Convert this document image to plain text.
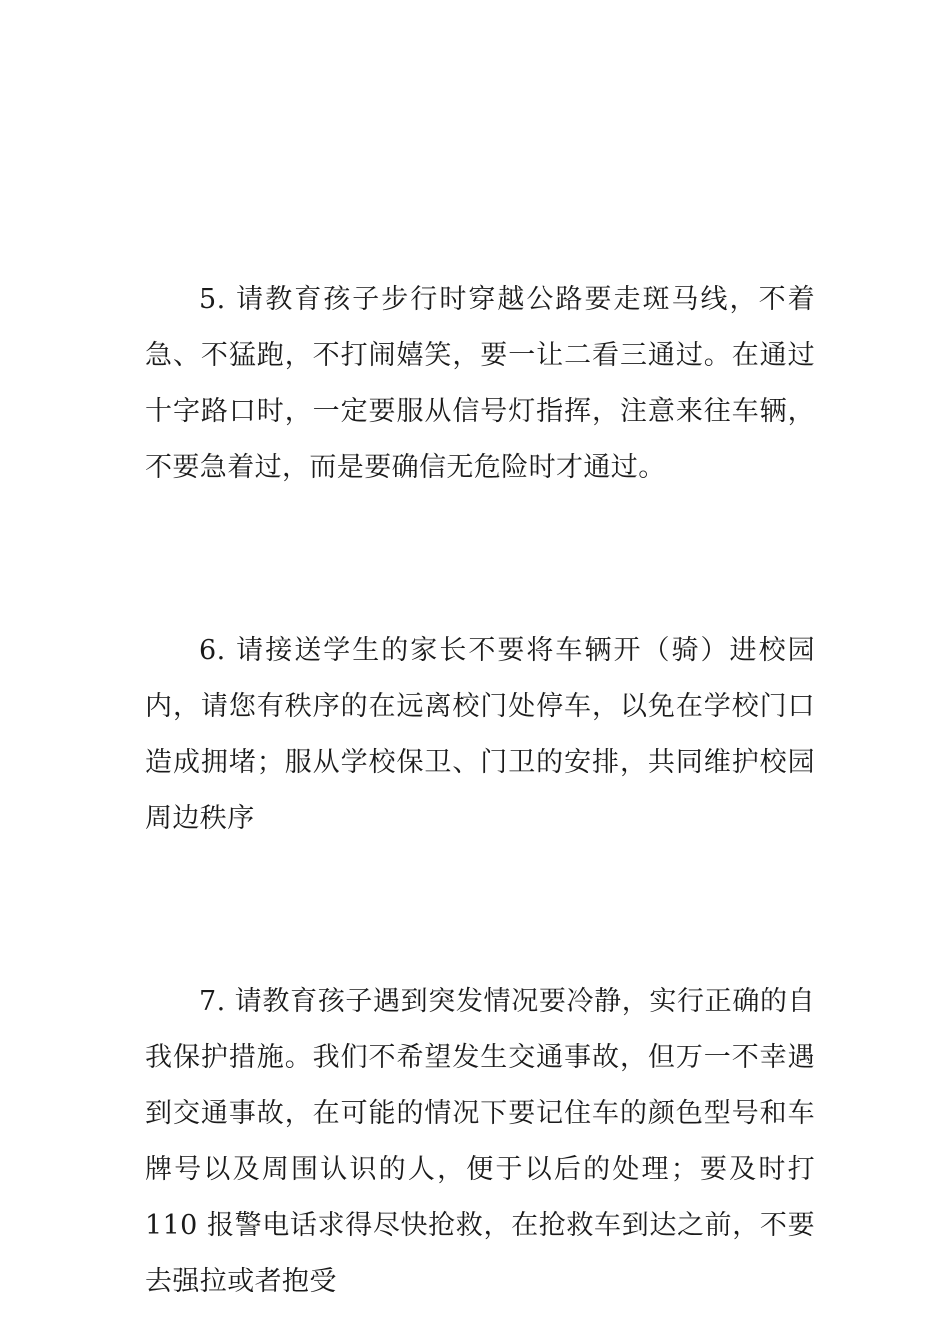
5. 请教育孩子步行时穿越公路要走斑马线，不着急、不猛跑，不打闹嬉笑，要一让二看三通过。在通过十字路口时，一定要服从信号灯指挥，注意来往车辆，不要急着过，而是要确信无危险时才通过。

6. 请接送学生的家长不要将车辆开（骑）进校园内，请您有秩序的在远离校门处停车，以免在学校门口造成拥堵；服从学校保卫、门卫的安排，共同维护校园周边秩序

7. 请教育孩子遇到突发情况要冷静，实行正确的自我保护措施。我们不希望发生交通事故，但万一不幸遇到交通事故，在可能的情况下要记住车的颜色型号和车牌号以及周围认识的人，便于以后的处理；要及时打 110 报警电话求得尽快抢救，在抢救车到达之前，不要去强拉或者抱受
